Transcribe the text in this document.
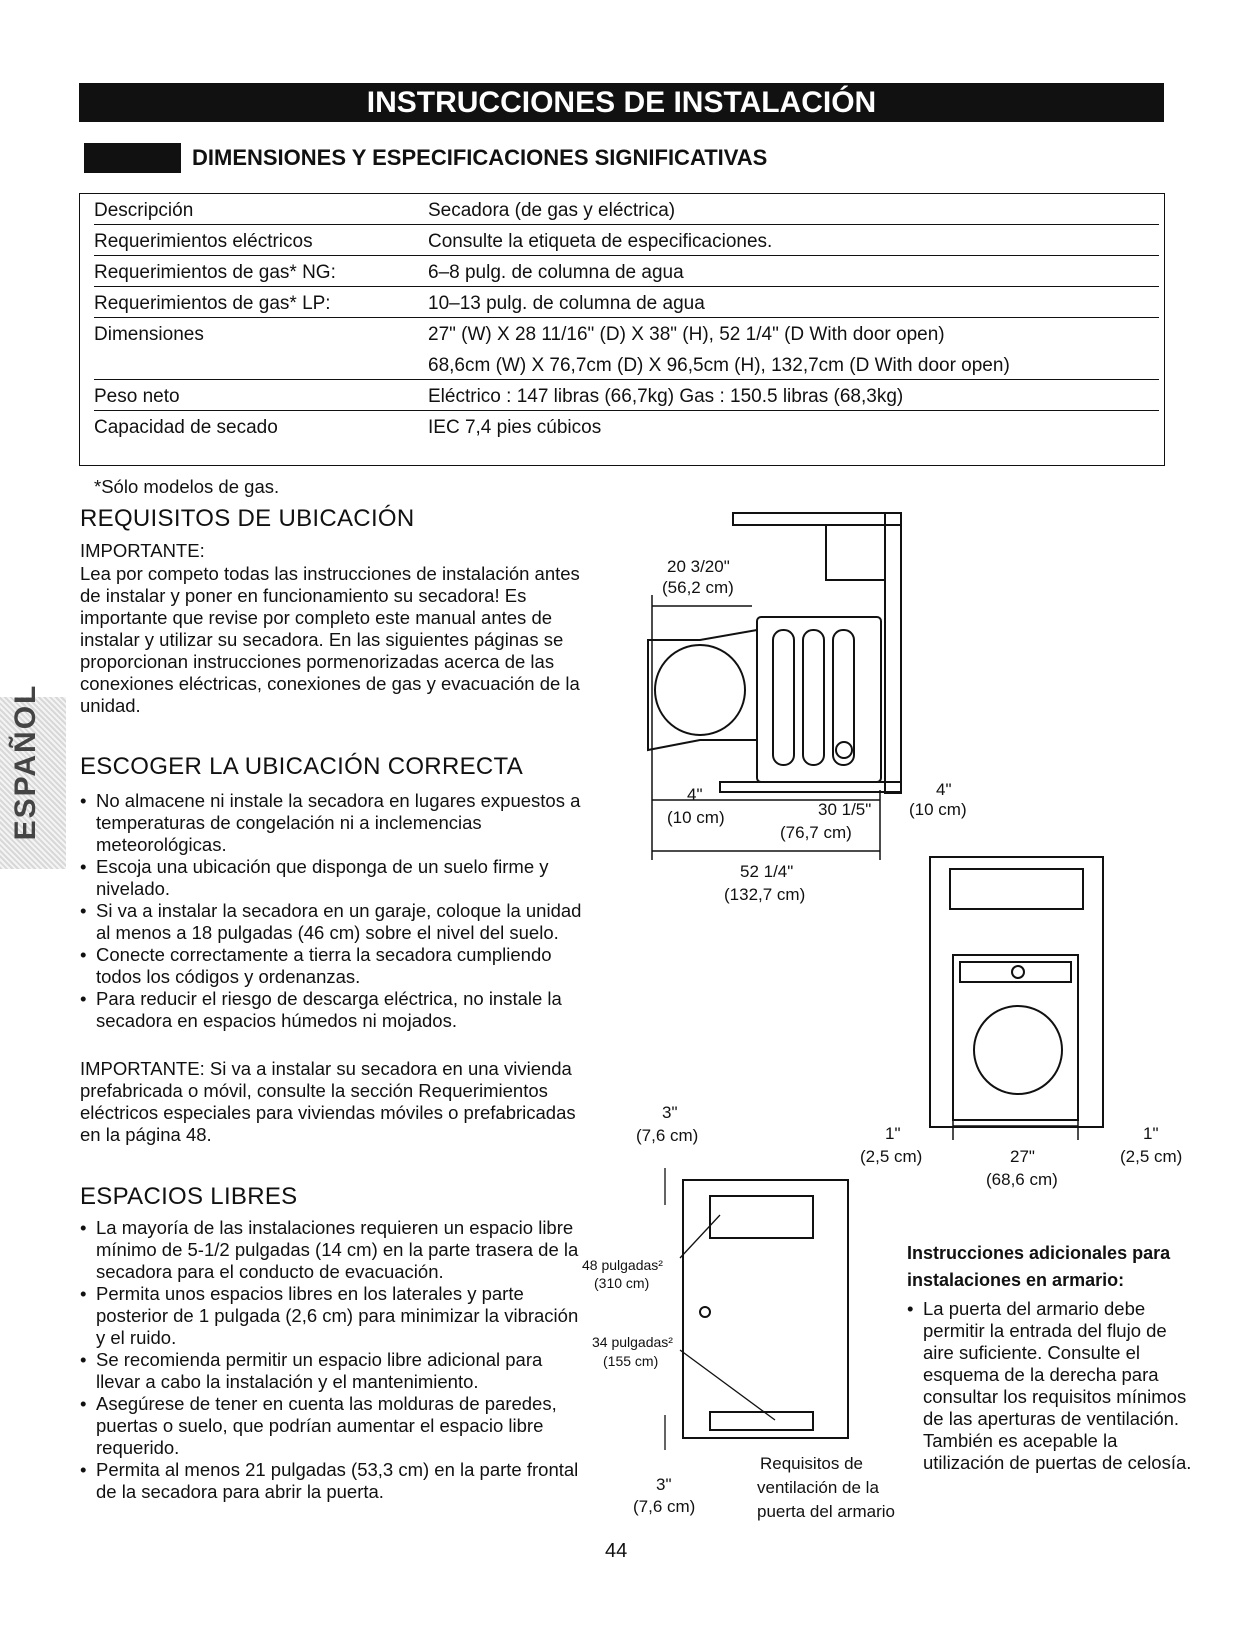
INSTRUCCIONES DE INSTALACIÓN
DIMENSIONES Y ESPECIFICACIONES SIGNIFICATIVAS
Descripción	Secadora (de gas y eléctrica)
Requerimientos eléctricos	Consulte la etiqueta de especificaciones.
Requerimientos de gas* NG:	6–8 pulg. de columna de agua
Requerimientos de gas* LP:	10–13 pulg. de columna de agua
Dimensiones	27" (W) X 28 11/16" (D) X 38" (H), 52 1/4" (D With door open)
68,6cm (W) X 76,7cm (D) X 96,5cm (H), 132,7cm (D With door open)
Peso neto	Eléctrico : 147 libras (66,7kg) Gas : 150.5 libras (68,3kg)
Capacidad de secado	IEC 7,4 pies cúbicos
*Sólo modelos de gas.
ESPAÑOL
REQUISITOS DE UBICACIÓN
IMPORTANTE:
Lea por competo todas las instrucciones de instalación antes de instalar y poner en funcionamiento su secadora! Es importante que revise por completo este manual antes de instalar y utilizar su secadora. En las siguientes páginas se proporcionan instrucciones pormenorizadas acerca de las conexiones eléctricas, conexiones de gas y evacuación de la unidad.
ESCOGER LA UBICACIÓN CORRECTA
• No almacene ni instale la secadora en lugares expuestos a temperaturas de congelación ni a inclemencias meteorológicas.
• Escoja una ubicación que disponga de un suelo firme y nivelado.
• Si va a instalar la secadora en un garaje, coloque la unidad al menos a 18 pulgadas (46 cm) sobre el nivel del suelo.
• Conecte correctamente a tierra la secadora cumpliendo todos los códigos y ordenanzas.
• Para reducir el riesgo de descarga eléctrica, no instale la secadora en espacios húmedos ni mojados.
IMPORTANTE: Si va a instalar su secadora en una vivienda prefabricada o móvil, consulte la sección Requerimientos eléctricos especiales para viviendas móviles o prefabricadas en la página 48.
ESPACIOS LIBRES
• La mayoría de las instalaciones requieren un espacio libre mínimo de 5-1/2 pulgadas (14 cm) en la parte trasera de la secadora para el conducto de evacuación.
• Permita unos espacios libres en los laterales y parte posterior de 1 pulgada (2,6 cm) para minimizar la vibración y el ruido.
• Se recomienda permitir un espacio libre adicional para llevar a cabo la instalación y el mantenimiento.
• Asegúrese de tener en cuenta las molduras de paredes, puertas o suelo, que podrían aumentar el espacio libre requerido.
• Permita al menos 21 pulgadas (53,3 cm) en la parte frontal de la secadora para abrir la puerta.
20 3/20"
(56,2 cm)
4"
(10 cm)	30 1/5"
(76,7 cm)
4"
(10 cm)
52 1/4"
(132,7 cm)
1"
(2,5 cm)	27"
(68,6 cm)
1"
(2,5 cm)
3"
(7,6 cm)
48 pulgadas²
(310 cm)
34 pulgadas²
(155 cm)
3"
(7,6 cm)
Requisitos de
ventilación de la
puerta del armario
Instrucciones adicionales para
instalaciones en armario:
• La puerta del armario debe permitir la entrada del flujo de aire suficiente. Consulte el esquema de la derecha para consultar los requisitos mínimos de las aperturas de ventilación. También es acepable la utilización de puertas de celosía.
44
